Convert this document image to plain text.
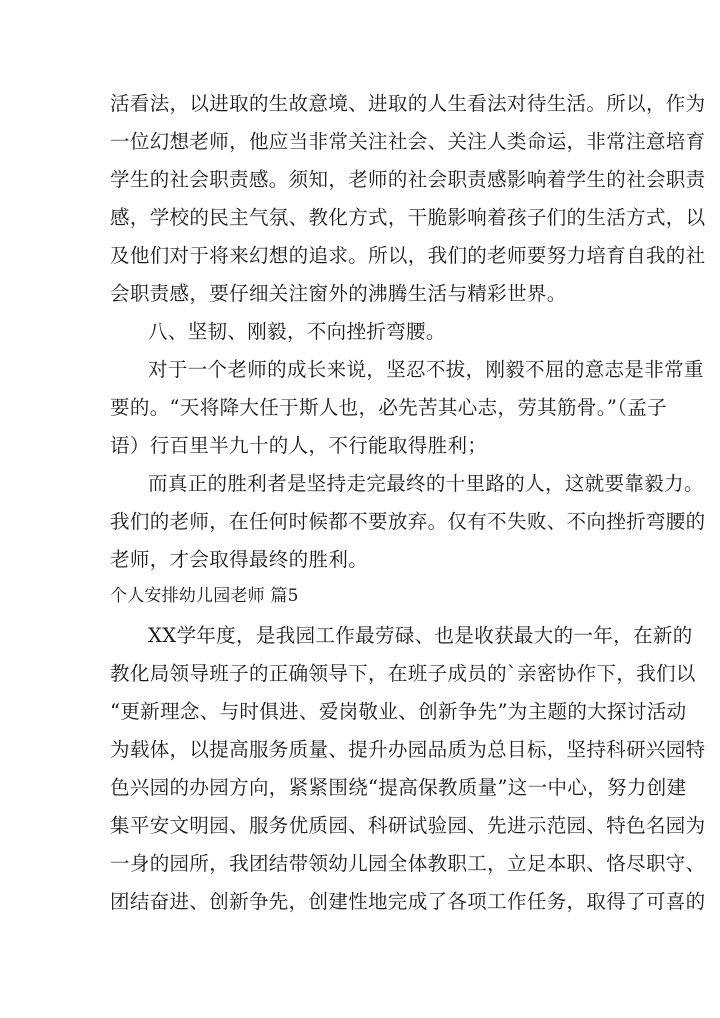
活看法，以进取的生故意境、进取的人生看法对待生活。所以，作为
一位幻想老师，他应当非常关注社会、关注人类命运，非常注意培育
学生的社会职责感。须知，老师的社会职责感影响着学生的社会职责
感，学校的民主气氛、教化方式，干脆影响着孩子们的生活方式，以
及他们对于将来幻想的追求。所以，我们的老师要努力培育自我的社
会职责感，要仔细关注窗外的沸腾生活与精彩世界。
八、坚韧、刚毅，不向挫折弯腰。
对于一个老师的成长来说，坚忍不拔，刚毅不屈的意志是非常重
要的。“天将降大任于斯人也，必先苦其心志，劳其筋骨。”（孟子
语）行百里半九十的人，不行能取得胜利；
而真正的胜利者是坚持走完最终的十里路的人，这就要靠毅力。
我们的老师，在任何时候都不要放弃。仅有不失败、不向挫折弯腰的
老师，才会取得最终的胜利。
个人安排幼儿园老师 篇5
XX学年度，是我园工作最劳碌、也是收获最大的一年，在新的
教化局领导班子的正确领导下，在班子成员的`亲密协作下，我们以
“更新理念、与时俱进、爱岗敬业、创新争先”为主题的大探讨活动
为载体，以提高服务质量、提升办园品质为总目标，坚持科研兴园特
色兴园的办园方向，紧紧围绕“提高保教质量”这一中心，努力创建
集平安文明园、服务优质园、科研试验园、先进示范园、特色名园为
一身的园所，我团结带领幼儿园全体教职工，立足本职、恪尽职守、
团结奋进、创新争先，创建性地完成了各项工作任务，取得了可喜的
